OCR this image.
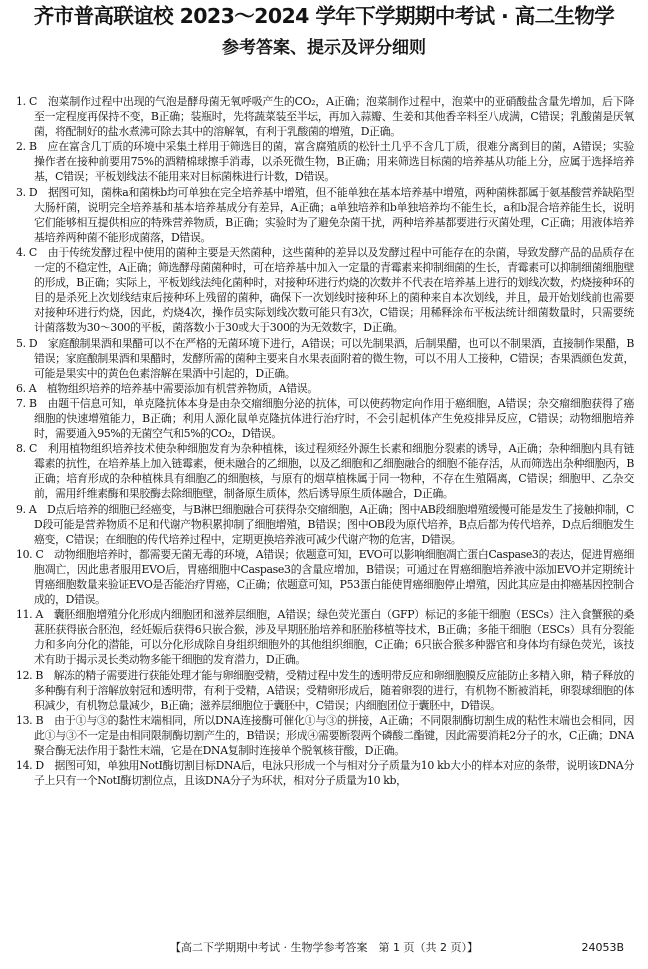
齐市普高联谊校 2023～2024 学年下学期期中考试 · 高二生物学
参考答案、提示及评分细则

1. C　泡菜制作过程中出现的气泡是酵母菌无氧呼吸产生的CO₂，A正确；泡菜制作过程中，泡菜中的亚硝酸盐含量先增加，后下降至一定程度再保持不变，B正确；装瓶时，先将蔬菜装至半坛，再加入蒜瓣、生姜和其他香辛料至八成满，C错误；乳酸菌是厌氧菌，将配制好的盐水煮沸可除去其中的溶解氧，有利于乳酸菌的增殖，D正确。

2. B　应在富含几丁质的环境中采集土样用于筛选目的菌，富含腐殖质的松针土几乎不含几丁质，很难分离到目的菌，A错误；实验操作者在接种前要用75%的酒精棉球擦手消毒，以杀死微生物，B正确；用来筛选目标菌的培养基从功能上分，应属于选择培养基，C错误；平板划线法不能用来对目标菌株进行计数，D错误。

3. D　据图可知，菌株a和菌株b均可单独在完全培养基中增殖，但不能单独在基本培养基中增殖，两种菌株都属于氨基酸营养缺陷型大肠杆菌，说明完全培养基和基本培养基成分有差异，A正确；a单独培养和b单独培养均不能生长，a和b混合培养能生长，说明它们能够相互提供相应的特殊营养物质，B正确；实验时为了避免杂菌干扰，两种培养基都要进行灭菌处理，C正确；用液体培养基培养两种菌不能形成菌落，D错误。

4. C　由于传统发酵过程中使用的菌种主要是天然菌种，这些菌种的差异以及发酵过程中可能存在的杂菌，导致发酵产品的品质存在一定的不稳定性，A正确；筛选酵母菌菌种时，可在培养基中加入一定量的青霉素来抑制细菌的生长，青霉素可以抑制细菌细胞壁的形成，B正确；实际上，平板划线法纯化菌种时，对接种环进行灼烧的次数并不代表在培养基上进行的划线次数，灼烧接种环的目的是杀死上次划线结束后接种环上残留的菌种，确保下一次划线时接种环上的菌种来自本次划线，并且，最开始划线前也需要对接种环进行灼烧，因此，灼烧4次，操作员实际划线次数可能只有3次，C错误；用稀释涂布平板法统计细菌数量时，只需要统计菌落数为30～300的平板，菌落数小于30或大于300的为无效数字，D正确。

5. D　家庭酿制果酒和果醋可以不在严格的无菌环境下进行，A错误；可以先制果酒，后制果醋，也可以不制果酒，直接制作果醋，B错误；家庭酿制果酒和果醋时，发酵所需的菌种主要来自水果表面附着的微生物，可以不用人工接种，C错误；杏果酒颜色发黄，可能是果实中的黄色色素溶解在果酒中引起的，D正确。

6. A　植物组织培养的培养基中需要添加有机营养物质，A错误。

7. B　由题干信息可知，单克隆抗体本身是由杂交瘤细胞分泌的抗体，可以使药物定向作用于癌细胞，A错误；杂交瘤细胞获得了癌细胞的快速增殖能力，B正确；利用人源化鼠单克隆抗体进行治疗时，不会引起机体产生免疫排异反应，C错误；动物细胞培养时，需要通入95%的无菌空气和5%的CO₂，D错误。

8. C　利用植物组织培养技术使杂种细胞发育为杂种植株，该过程须经外源生长素和细胞分裂素的诱导，A正确；杂种细胞内具有链霉素的抗性，在培养基上加入链霉素，便未融合的乙细胞，以及乙细胞和乙细胞融合的细胞不能存活，从而筛选出杂种细胞丙，B正确；培育形成的杂种植株具有细胞乙的细胞核，与原有的烟草植株属于同一物种，不存在生殖隔离，C错误；细胞甲、乙杂交前，需用纤维素酶和果胶酶去除细胞壁，制备原生质体，然后诱导原生质体融合，D正确。

9. A　D点后培养的细胞已经癌变，与B淋巴细胞融合可获得杂交瘤细胞，A正确；图中AB段细胞增殖缓慢可能是发生了接触抑制，CD段可能是营养物质不足和代谢产物积累抑制了细胞增殖，B错误；图中OB段为原代培养，B点后都为传代培养，D点后细胞发生癌变，C错误；在细胞的传代培养过程中，定期更换培养液可减少代谢产物的危害，D错误。

10. C　动物细胞培养时，都需要无菌无毒的环境，A错误；依题意可知，EVO可以影响细胞凋亡蛋白Caspase3的表达，促进胃癌细胞凋亡，因此患者服用EVO后，胃癌细胞中Caspase3的含量应增加，B错误；可通过在胃癌细胞培养液中添加EVO并定期统计胃癌细胞数量来验证EVO是否能治疗胃癌，C正确；依题意可知，P53蛋白能使胃癌细胞停止增殖，因此其应是由抑癌基因控制合成的，D错误。

11. A　囊胚细胞增殖分化形成内细胞团和滋养层细胞，A错误；绿色荧光蛋白（GFP）标记的多能干细胞（ESCs）注入食蟹猴的桑葚胚获得嵌合胚泡，经妊娠后获得6只嵌合猴，涉及早期胚胎培养和胚胎移植等技术，B正确；多能干细胞（ESCs）具有分裂能力和多向分化的潜能，可以分化形成除自身组织细胞外的其他组织细胞，C正确；6只嵌合猴多种器官和身体均有绿色荧光，该技术有助于揭示灵长类动物多能干细胞的发育潜力，D正确。

12. B　解冻的精子需要进行获能处理才能与卵细胞受精，受精过程中发生的透明带反应和卵细胞膜反应能防止多精入卵，精子释放的多种酶有利于溶解放射冠和透明带，有利于受精，A错误；受精卵形成后，随着卵裂的进行，有机物不断被消耗，卵裂球细胞的体积减少，有机物总量减少，B正确；滋养层细胞位于囊胚中，C错误；内细胞团位于囊胚中，D错误。

13. B　由于①与③的黏性末端相同，所以DNA连接酶可催化①与③的拼接，A正确；不同限制酶切割生成的粘性末端也会相同，因此①与③不一定是由相同限制酶切割产生的，B错误；形成④需要断裂两个磷酸二酯键，因此需要消耗2分子的水，C正确；DNA聚合酶无法作用于黏性末端，它是在DNA复制时连接单个脱氧核苷酸，D正确。

14. D　据图可知，单独用NotⅠ酶切割目标DNA后，电泳只形成一个与相对分子质量为10 kb大小的样本对应的条带，说明该DNA分子上只有一个NotⅠ酶切割位点，且该DNA分子为环状，相对分子质量为10 kb，

【高二下学期期中考试 · 生物学参考答案　第 1 页（共 2 页）】	24053B
